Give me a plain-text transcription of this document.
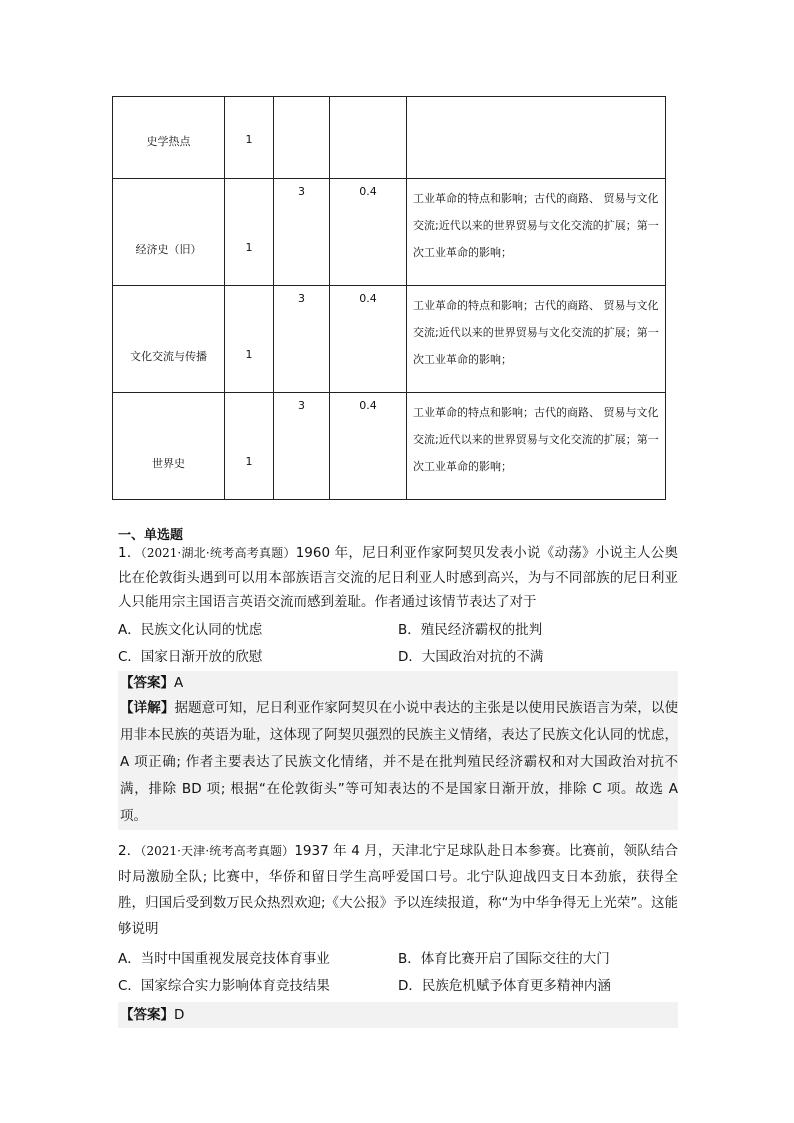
史学热点	1			

经济史（旧）	1	3	0.4	工业革命的特点和影响；古代的商路、 贸易与文化交流;近代以来的世界贸易与文化交流的扩展；第一次工业革命的影响；

文化交流与传播	1	3	0.4	工业革命的特点和影响；古代的商路、 贸易与文化交流;近代以来的世界贸易与文化交流的扩展；第一次工业革命的影响；

世界史	1	3	0.4	工业革命的特点和影响；古代的商路、 贸易与文化交流;近代以来的世界贸易与文化交流的扩展；第一次工业革命的影响；
一、单选题
1．（2021·湖北·统考高考真题）1960 年，尼日利亚作家阿契贝发表小说《动荡》小说主人公奥比在伦敦街头遇到可以用本部族语言交流的尼日利亚人时感到高兴，为与不同部族的尼日利亚人只能用宗主国语言英语交流而感到羞耻。作者通过该情节表达了对于
A．民族文化认同的忧虑	B．殖民经济霸权的批判
C．国家日渐开放的欣慰	D．大国政治对抗的不满
【答案】A
【详解】据题意可知，尼日利亚作家阿契贝在小说中表达的主张是以使用民族语言为荣，以使用非本民族的英语为耻，这体现了阿契贝强烈的民族主义情绪，表达了民族文化认同的忧虑，A 项正确; 作者主要表达了民族文化情绪，并不是在批判殖民经济霸权和对大国政治对抗不满，排除 BD 项; 根据“在伦敦街头”等可知表达的不是国家日渐开放，排除 C 项。故选 A 项。
2．（2021·天津·统考高考真题）1937 年 4 月，天津北宁足球队赴日本参赛。比赛前，领队结合时局激励全队; 比赛中，华侨和留日学生高呼爱国口号。北宁队迎战四支日本劲旅，获得全胜，归国后受到数万民众热烈欢迎;《大公报》予以连续报道，称“为中华争得无上光荣”。这能够说明
A．当时中国重视发展竞技体育事业	B．体育比赛开启了国际交往的大门
C．国家综合实力影响体育竞技结果	D．民族危机赋予体育更多精神内涵
【答案】D
